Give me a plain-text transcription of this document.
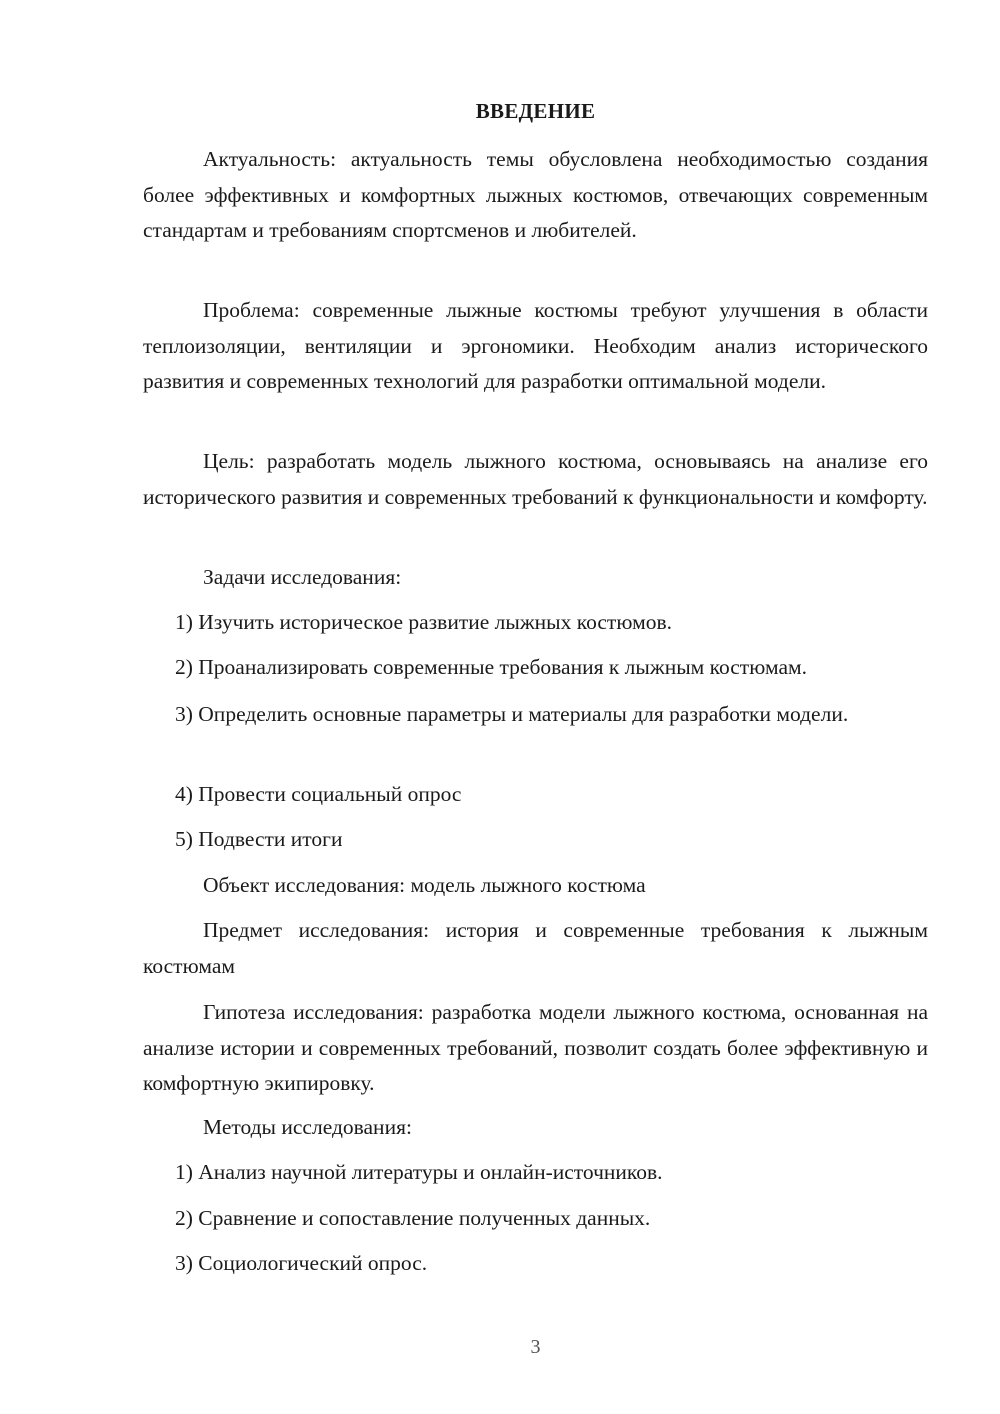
ВВЕДЕНИЕ

Актуальность: актуальность темы обусловлена необходимостью создания более эффективных и комфортных лыжных костюмов, отвечающих современным стандартам и требованиям спортсменов и любителей.

Проблема: современные лыжные костюмы требуют улучшения в области теплоизоляции, вентиляции и эргономики. Необходим анализ исторического развития и современных технологий для разработки оптимальной модели.

Цель: разработать модель лыжного костюма, основываясь на анализе его исторического развития и современных требований к функциональности и комфорту.

Задачи исследования:

1) Изучить историческое развитие лыжных костюмов.

2) Проанализировать современные требования к лыжным костюмам.

3) Определить основные параметры и материалы для разработки модели.

4) Провести социальный опрос

5) Подвести итоги

Объект исследования: модель лыжного костюма

Предмет исследования: история и современные требования к лыжным костюмам

Гипотеза исследования: разработка модели лыжного костюма, основанная на анализе истории и современных требований, позволит создать более эффективную и комфортную экипировку.

Методы исследования:

1) Анализ научной литературы и онлайн-источников.

2) Сравнение и сопоставление полученных данных.

3) Социологический опрос.

3
